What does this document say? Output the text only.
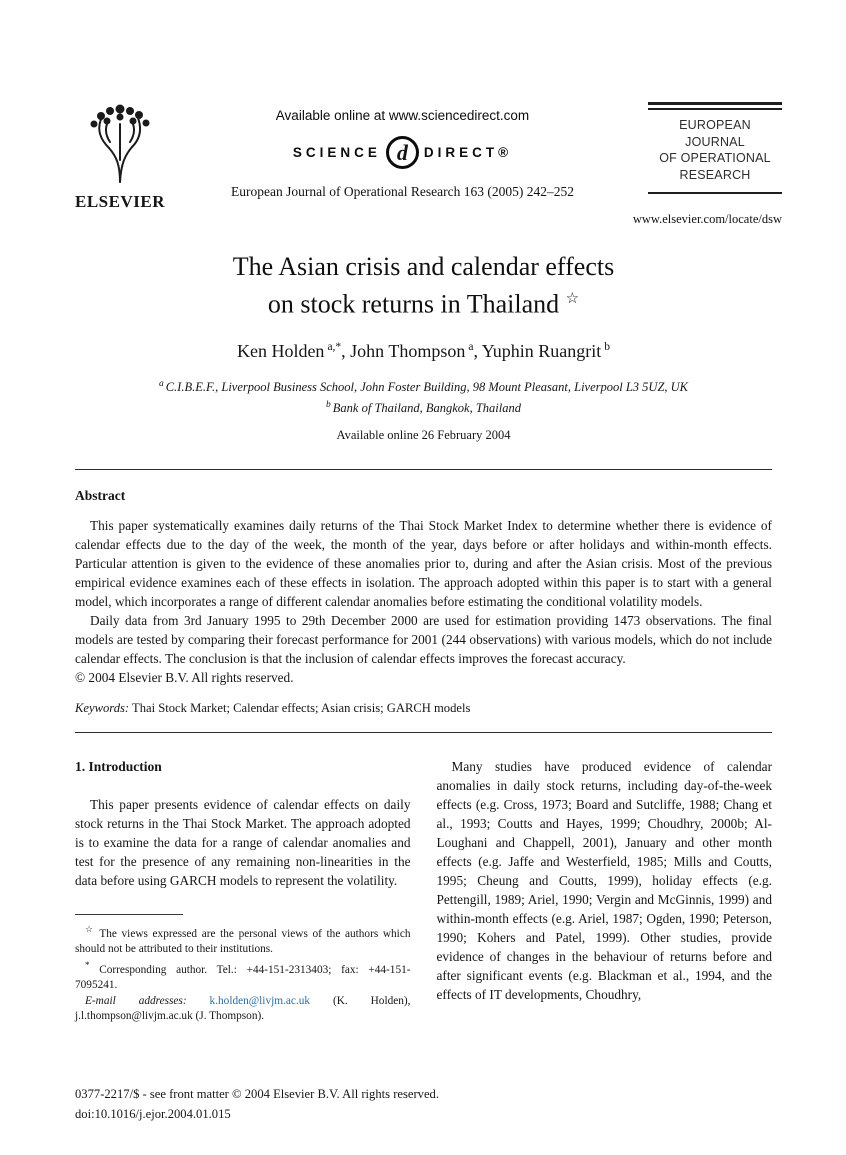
ELSEVIER
Available online at www.sciencedirect.com
SCIENCE d DIRECT®
European Journal of Operational Research 163 (2005) 242–252
EUROPEAN
JOURNAL
OF OPERATIONAL
RESEARCH
www.elsevier.com/locate/dsw
The Asian crisis and calendar effects
on stock returns in Thailand ☆
Ken Holden $^{a,*}$, John Thompson $^a$, Yuphin Ruangrit $^b$
$^a$ C.I.B.E.F., Liverpool Business School, John Foster Building, 98 Mount Pleasant, Liverpool L3 5UZ, UK
$^b$ Bank of Thailand, Bangkok, Thailand
Available online 26 February 2004
Abstract

This paper systematically examines daily returns of the Thai Stock Market Index to determine whether there is evidence of calendar effects due to the day of the week, the month of the year, days before or after holidays and within-month effects. Particular attention is given to the evidence of these anomalies prior to, during and after the Asian crisis. Most of the previous empirical evidence examines each of these effects in isolation. The approach adopted within this paper is to start with a general model, which incorporates a range of different calendar anomalies before estimating the conditional volatility models.

Daily data from 3rd January 1995 to 29th December 2000 are used for estimation providing 1473 observations. The final models are tested by comparing their forecast performance for 2001 (244 observations) with various models, which do not include calendar effects. The conclusion is that the inclusion of calendar effects improves the forecast accuracy.

© 2004 Elsevier B.V. All rights reserved.

Keywords: Thai Stock Market; Calendar effects; Asian crisis; GARCH models

1. Introduction

This paper presents evidence of calendar effects on daily stock returns in the Thai Stock Market. The approach adopted is to examine the data for a range of calendar anomalies and test for the presence of any remaining non-linearities in the data before using GARCH models to represent the volatility.

☆ The views expressed are the personal views of the authors which should not be attributed to their institutions.

* Corresponding author. Tel.: +44-151-2313403; fax: +44-151-7095241.

E-mail addresses: k.holden@livjm.ac.uk (K. Holden), j.l.thompson@livjm.ac.uk (J. Thompson).

Many studies have produced evidence of calendar anomalies in daily stock returns, including day-of-the-week effects (e.g. Cross, 1973; Board and Sutcliffe, 1988; Chang et al., 1993; Coutts and Hayes, 1999; Choudhry, 2000b; Al-Loughani and Chappell, 2001), January and other month effects (e.g. Jaffe and Westerfield, 1985; Mills and Coutts, 1995; Cheung and Coutts, 1999), holiday effects (e.g. Pettengill, 1989; Ariel, 1990; Vergin and McGinnis, 1999) and within-month effects (e.g. Ariel, 1987; Ogden, 1990; Peterson, 1990; Kohers and Patel, 1999). Other studies, provide evidence of changes in the behaviour of returns before and after significant events (e.g. Blackman et al., 1994, and the effects of IT developments, Choudhry,

0377-2217/$ - see front matter © 2004 Elsevier B.V. All rights reserved.
doi:10.1016/j.ejor.2004.01.015
